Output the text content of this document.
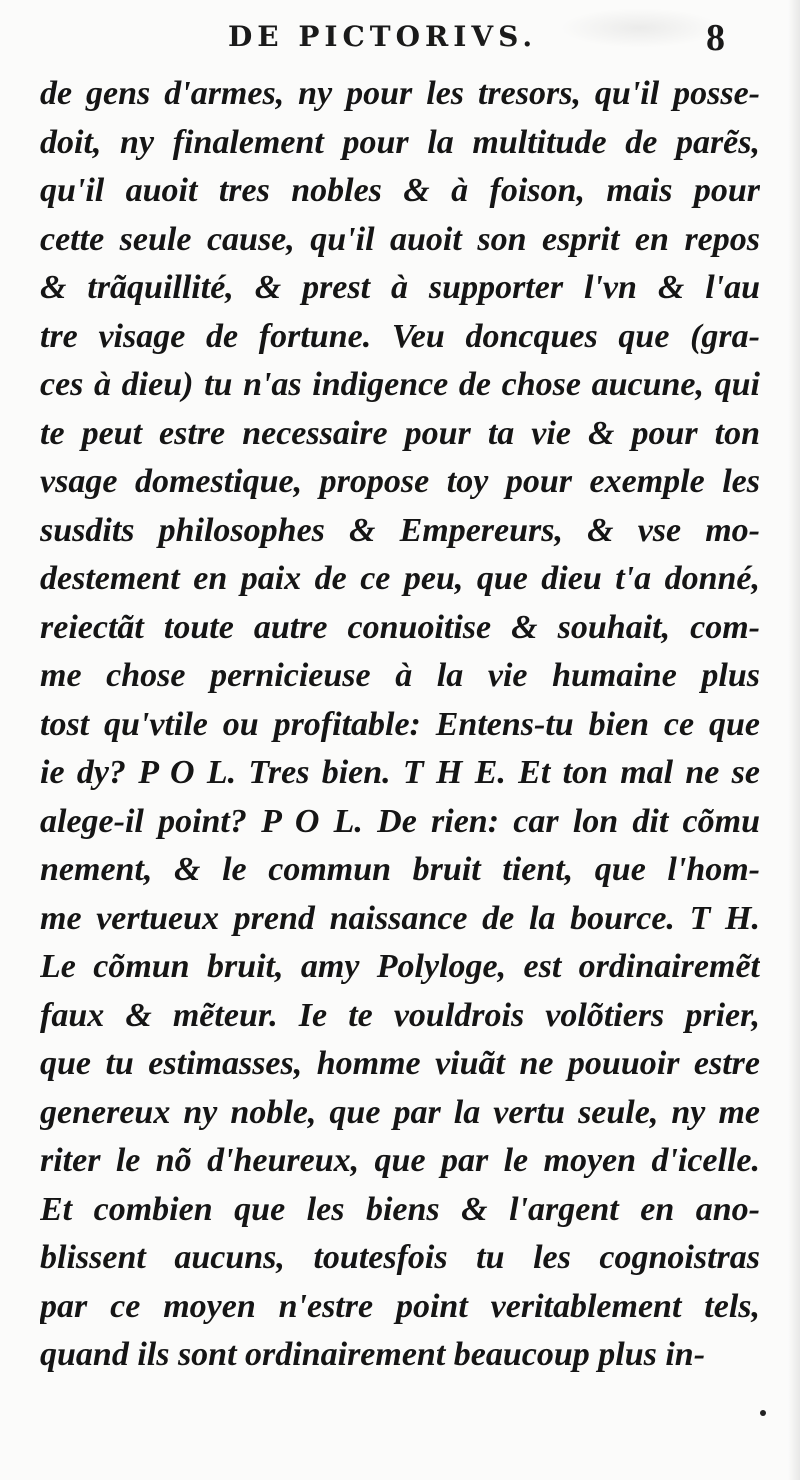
DE PICTORIVS.	8
de gens d'armes, ny pour les tresors, qu'il posse-
doit, ny finalement pour la multitude de parẽs,
qu'il auoit tres nobles & à foison, mais pour
cette seule cause, qu'il auoit son esprit en repos
& trãquillité, & prest à supporter l'vn & l'au
tre visage de fortune. Veu doncques que (gra-
ces à dieu) tu n'as indigence de chose aucune, qui
te peut estre necessaire pour ta vie & pour ton
vsage domestique, propose toy pour exemple les
susdits philosophes & Empereurs, & vse mo-
destement en paix de ce peu, que dieu t'a donné,
reiectãt toute autre conuoitise & souhait, com-
me chose pernicieuse à la vie humaine plus
tost qu'vtile ou profitable: Entens-tu bien ce que
ie dy? P O L. Tres bien. T H E. Et ton mal ne se
alege-il point? P O L. De rien: car lon dit cõmu
nement, & le commun bruit tient, que l'hom-
me vertueux prend naissance de la bource. T H.
Le cõmun bruit, amy Polyloge, est ordinairemẽt
faux & mẽteur. Ie te vouldrois volõtiers prier,
que tu estimasses, homme viuãt ne pouuoir estre
genereux ny noble, que par la vertu seule, ny me
riter le nõ d'heureux, que par le moyen d'icelle.
Et combien que les biens & l'argent en ano-
blissent aucuns, toutesfois tu les cognoistras
par ce moyen n'estre point veritablement tels,
quand ils sont ordinairement beaucoup plus in-
